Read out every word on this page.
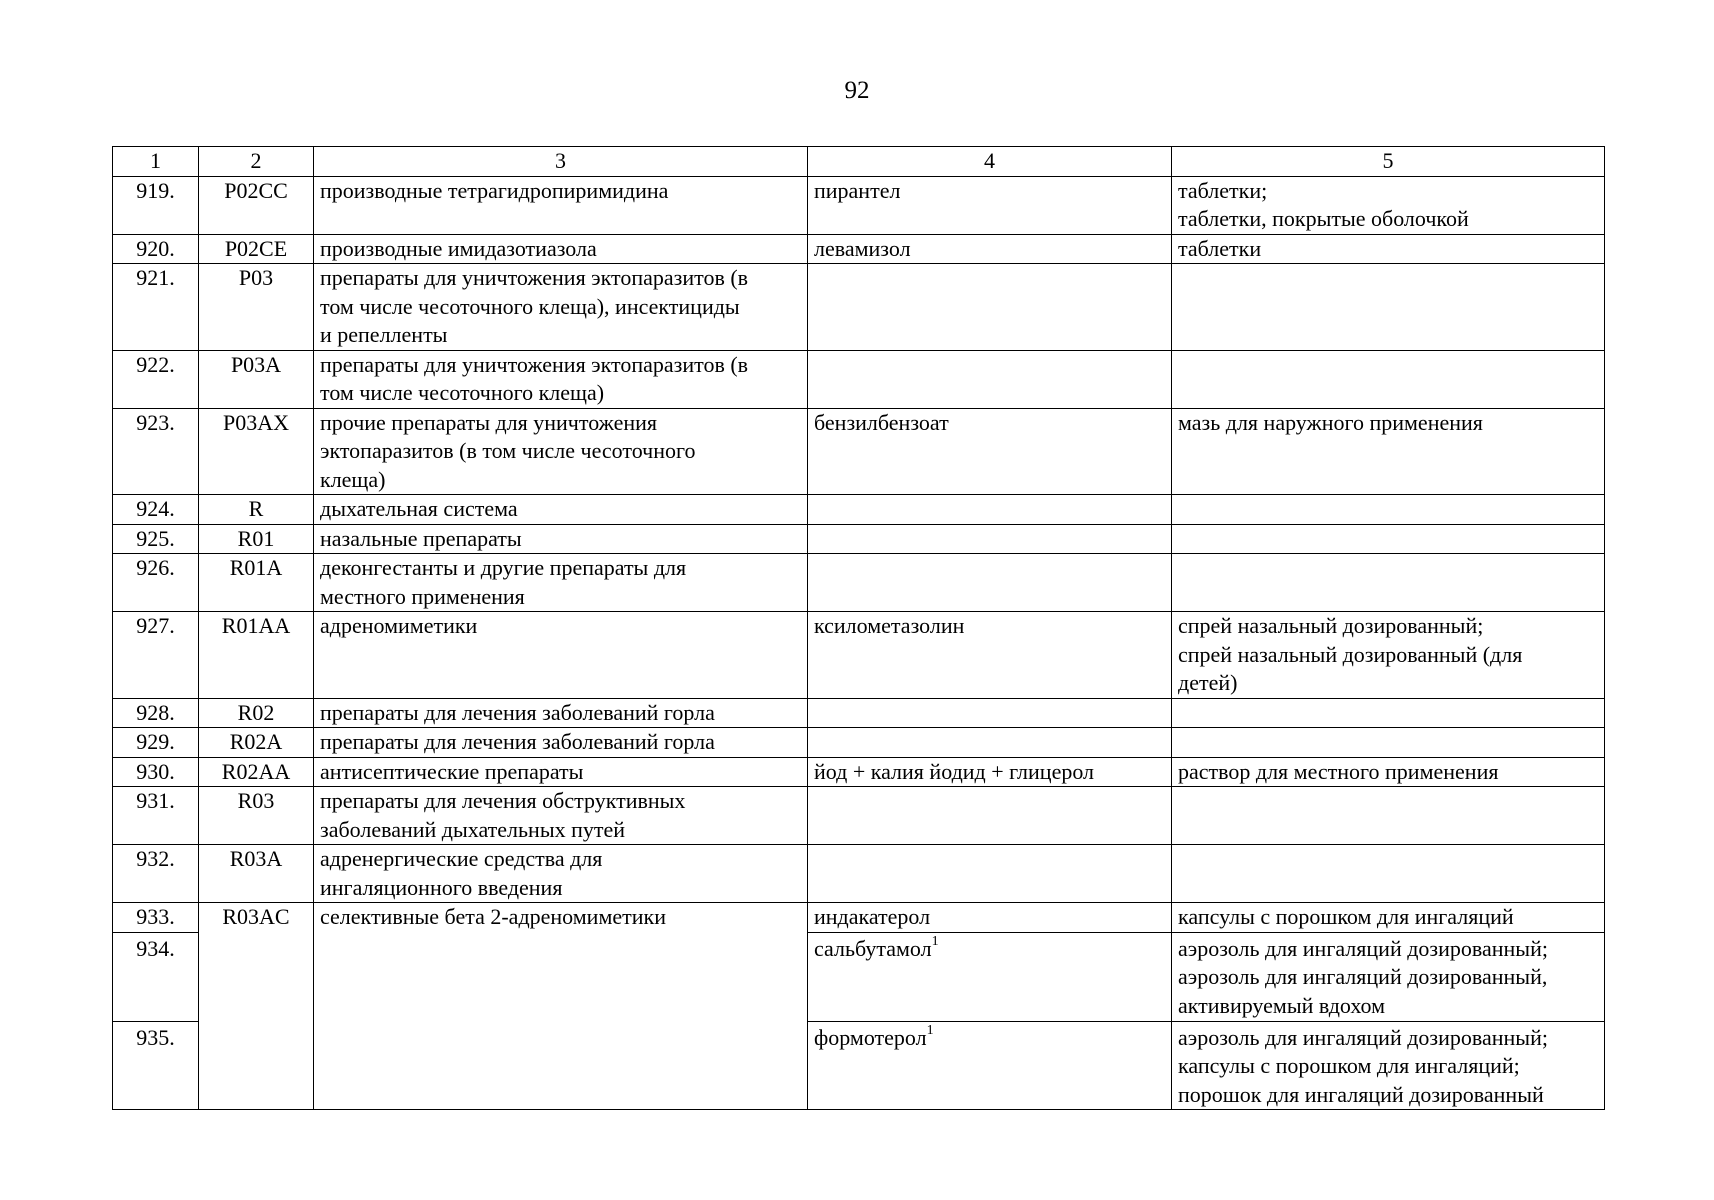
92
1	2	3	4	5
919.	P02CC	производные тетрагидропиримидина	пирантел	таблетки;
таблетки, покрытые оболочкой
920.	P02CE	производные имидазотиазола	левамизол	таблетки
921.	P03	препараты для уничтожения эктопаразитов (в
том числе чесоточного клеща), инсектициды
и репелленты		
922.	P03A	препараты для уничтожения эктопаразитов (в
том числе чесоточного клеща)		
923.	P03AX	прочие препараты для уничтожения
эктопаразитов (в том числе чесоточного
клеща)	бензилбензоат	мазь для наружного применения
924.	R	дыхательная система		
925.	R01	назальные препараты		
926.	R01A	деконгестанты и другие препараты для
местного применения		
927.	R01AA	адреномиметики	ксилометазолин	спрей назальный дозированный;
спрей назальный дозированный (для
детей)
928.	R02	препараты для лечения заболеваний горла		
929.	R02A	препараты для лечения заболеваний горла		
930.	R02AA	антисептические препараты	йод + калия йодид + глицерол	раствор для местного применения
931.	R03	препараты для лечения обструктивных
заболеваний дыхательных путей		
932.	R03A	адренергические средства для
ингаляционного введения		
933.	R03AC	селективные бета 2-адреномиметики	индакатерол	капсулы с порошком для ингаляций
934.			сальбутамол$^1$	аэрозоль для ингаляций дозированный;
аэрозоль для ингаляций дозированный,
активируемый вдохом
935.			формотерол$^1$	аэрозоль для ингаляций дозированный;
капсулы с порошком для ингаляций;
порошок для ингаляций дозированный
